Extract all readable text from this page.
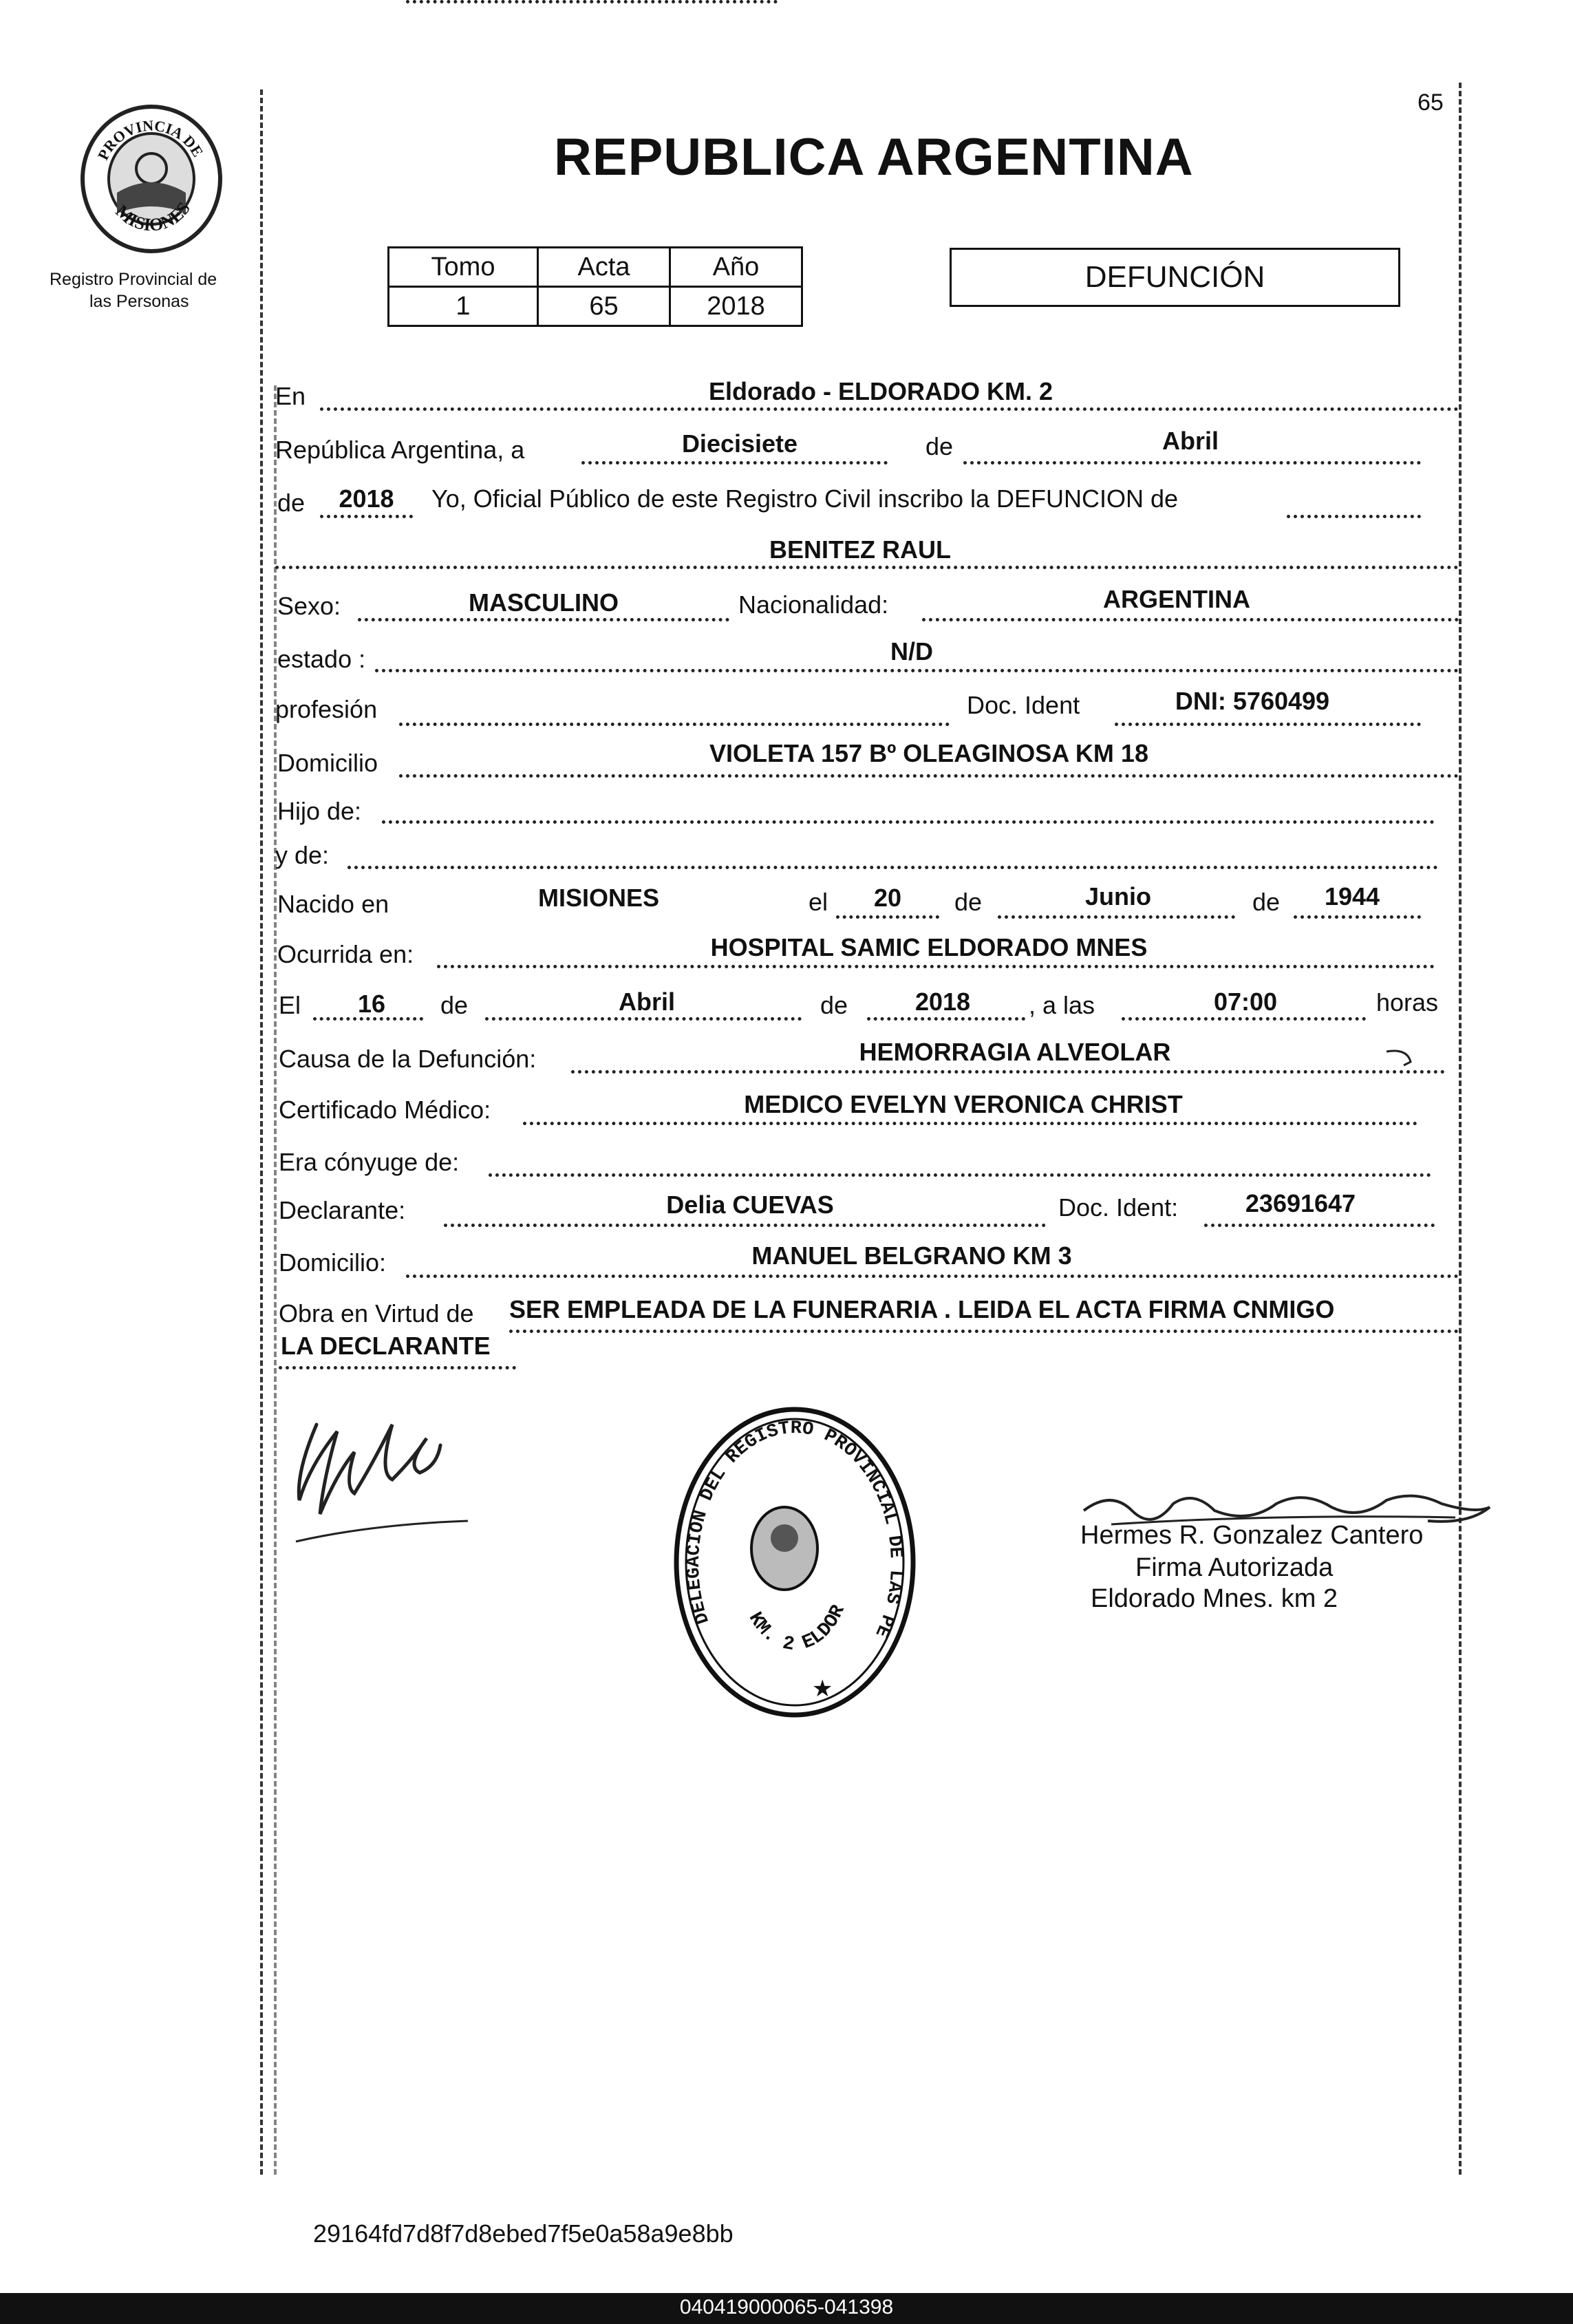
65
PROVINCIA DE
MISIONES
Registro Provincial de
las Personas
REPUBLICA ARGENTINA
Tomo	Acta	Año
1	65	2018
DEFUNCIÓN
En	Eldorado - ELDORADO KM. 2
República Argentina, a	Diecisiete	de	Abril
de	2018	Yo, Oficial Público de este Registro Civil inscribo la DEFUNCION de
BENITEZ RAUL
Sexo:	MASCULINO	Nacionalidad:	ARGENTINA
estado :	N/D
profesión	Doc. Ident	DNI: 5760499
Domicilio	VIOLETA 157 Bº OLEAGINOSA KM 18
Hijo de:
y de:
Nacido en	MISIONES	el	20	de	Junio	de	1944
Ocurrida en:	HOSPITAL SAMIC ELDORADO MNES
El	16	de	Abril	de	2018	, a las	07:00	horas
Causa de la Defunción:	HEMORRAGIA ALVEOLAR
Certificado Médico:	MEDICO EVELYN VERONICA CHRIST
Era cónyuge de:
Declarante:	Delia CUEVAS	Doc. Ident:	23691647
Domicilio:	MANUEL BELGRANO KM 3
Obra en Virtud de SER EMPLEADA DE LA FUNERARIA . LEIDA EL ACTA FIRMA CNMIGO
LA DECLARANTE
DELEGACION DEL REGISTRO PROVINCIAL DE LAS PE
KM. 2 ELDOR
★
Hermes R. Gonzalez Cantero
Firma Autorizada
Eldorado Mnes. km 2
29164fd7d8f7d8ebed7f5e0a58a9e8bb
040419000065-041398
